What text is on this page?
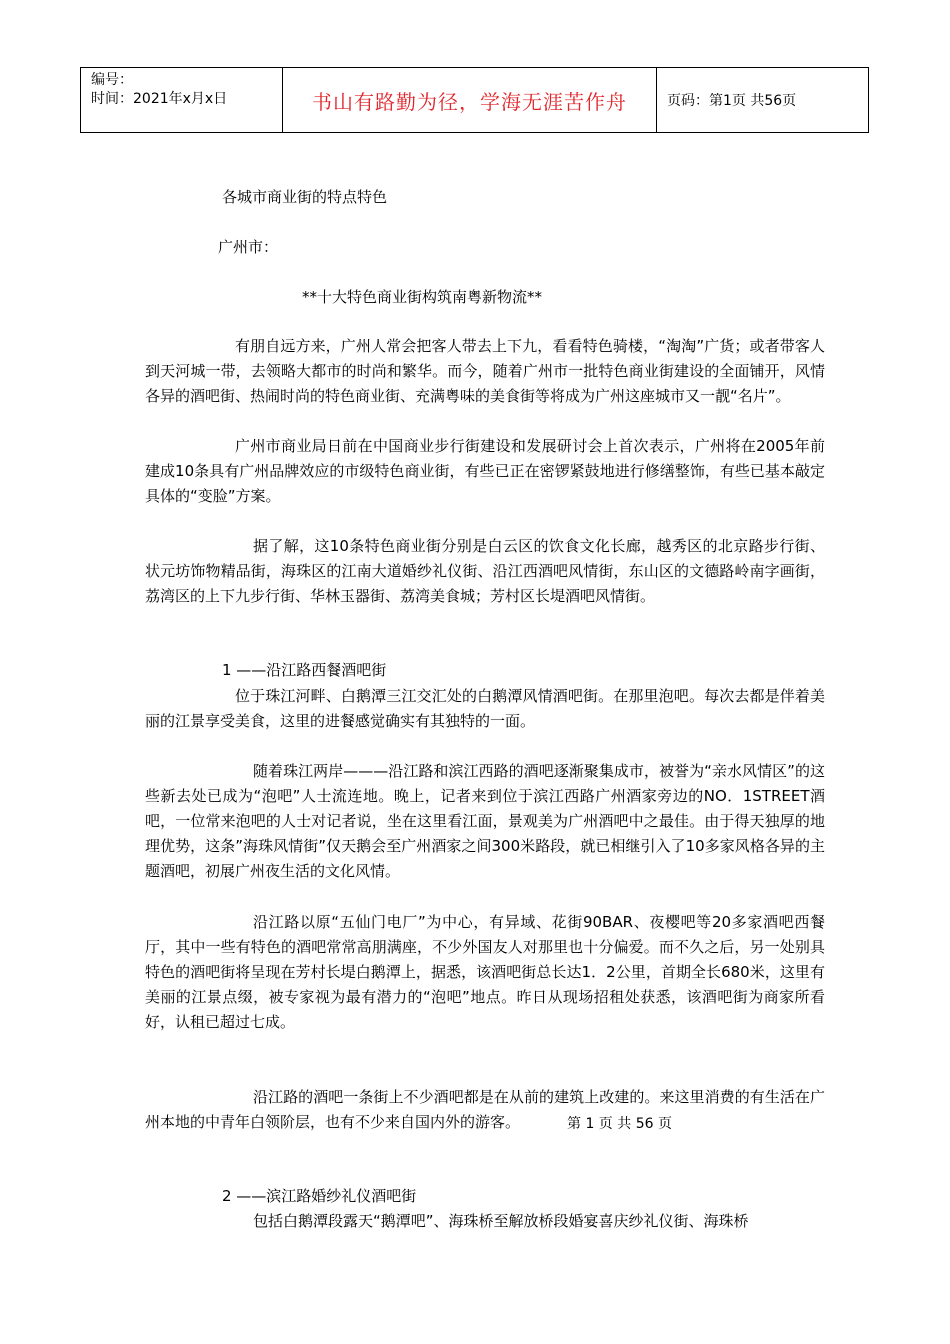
编号：
时间：2021年x月x日	书山有路勤为径，学海无涯苦作舟	页码：第1页 共56页
各城市商业街的特点特色
广州市：
**十大特色商业街构筑南粤新物流**

有朋自远方来，广州人常会把客人带去上下九，看看特色骑楼，“淘淘”广货；或者带客人到天河城一带，去领略大都市的时尚和繁华。而今，随着广州市一批特色商业街建设的全面铺开，风情各异的酒吧街、热闹时尚的特色商业街、充满粤味的美食街等将成为广州这座城市又一靓“名片”。

广州市商业局日前在中国商业步行街建设和发展研讨会上首次表示，广州将在2005年前建成10条具有广州品牌效应的市级特色商业街，有些已正在密锣紧鼓地进行修缮整饰，有些已基本敲定具体的“变脸”方案。

据了解，这10条特色商业街分别是白云区的饮食文化长廊，越秀区的北京路步行街、状元坊饰物精品街，海珠区的江南大道婚纱礼仪街、沿江西酒吧风情街，东山区的文德路岭南字画街，荔湾区的上下九步行街、华林玉器街、荔湾美食城；芳村区长堤酒吧风情街。

1 ——沿江路西餐酒吧街

位于珠江河畔、白鹅潭三江交汇处的白鹅潭风情酒吧街。在那里泡吧。每次去都是伴着美丽的江景享受美食，这里的进餐感觉确实有其独特的一面。

随着珠江两岸———沿江路和滨江西路的酒吧逐渐聚集成市，被誉为“亲水风情区”的这些新去处已成为“泡吧”人士流连地。晚上，记者来到位于滨江西路广州酒家旁边的NO．1STREET酒吧，一位常来泡吧的人士对记者说，坐在这里看江面，景观美为广州酒吧中之最佳。由于得天独厚的地理优势，这条”海珠风情街”仅天鹅会至广州酒家之间300米路段，就已相继引入了10多家风格各异的主题酒吧，初展广州夜生活的文化风情。

沿江路以原“五仙门电厂”为中心，有异域、花街90BAR、夜樱吧等20多家酒吧西餐厅，其中一些有特色的酒吧常常高朋满座，不少外国友人对那里也十分偏爱。而不久之后，另一处别具特色的酒吧街将呈现在芳村长堤白鹅潭上，据悉，该酒吧街总长达1．2公里，首期全长680米，这里有美丽的江景点缀，被专家视为最有潜力的“泡吧”地点。昨日从现场招租处获悉，该酒吧街为商家所看好，认租已超过七成。

沿江路的酒吧一条街上不少酒吧都是在从前的建筑上改建的。来这里消费的有生活在广州本地的中青年白领阶层，也有不少来自国内外的游客。	第 1 页 共 56 页
2 ——滨江路婚纱礼仪酒吧街

包括白鹅潭段露天“鹅潭吧”、海珠桥至解放桥段婚宴喜庆纱礼仪街、海珠桥
